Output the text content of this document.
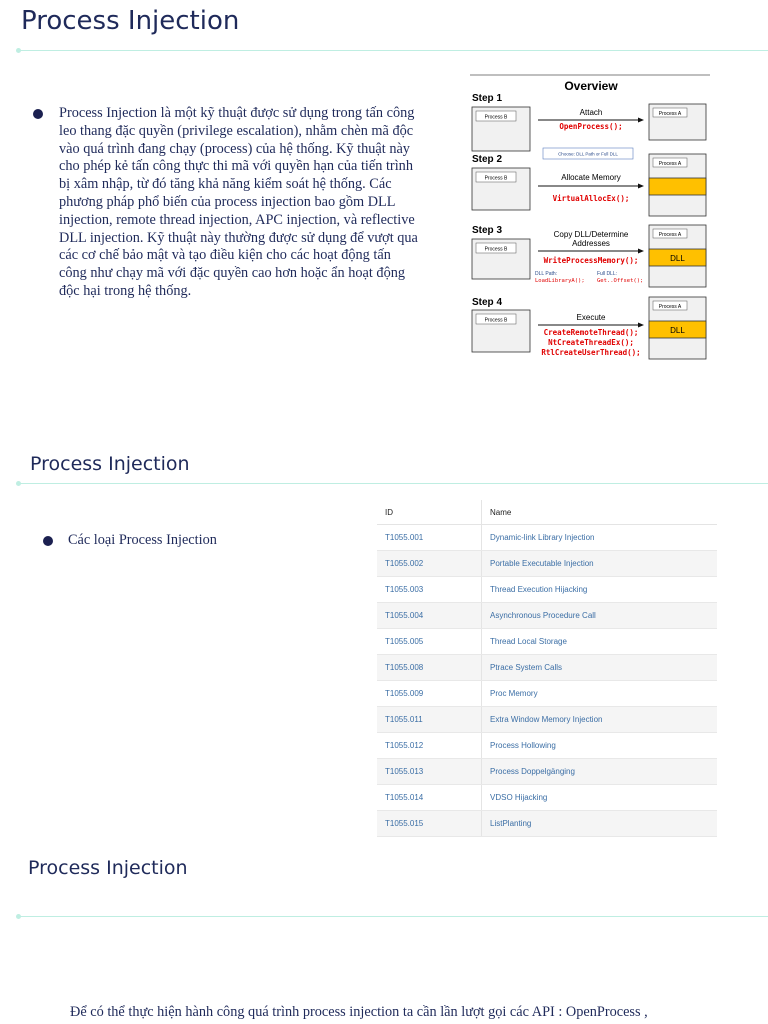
Process Injection
Process Injection là một kỹ thuật được sử dụng trong tấn công leo thang đặc quyền (privilege escalation), nhằm chèn mã độc vào quá trình đang chạy (process) của hệ thống. Kỹ thuật này cho phép kẻ tấn công thực thi mã với quyền hạn của tiến trình bị xâm nhập, từ đó tăng khả năng kiểm soát hệ thống. Các phương pháp phổ biến của process injection bao gồm DLL injection, remote thread injection, APC injection, và reflective DLL injection. Kỹ thuật này thường được sử dụng để vượt qua các cơ chế bảo mật và tạo điều kiện cho các hoạt động tấn công như chạy mã với đặc quyền cao hơn hoặc ẩn hoạt động độc hại trong hệ thống.
Overview
Step 1
Process B
Attach
OpenProcess();
Process A
Choose: DLL Path or Full DLL
Step 2
Process B	Allocate Memory
VirtualAllocEx();
Process A
Step 3
Process B
Copy DLL/Determine
Addresses
WriteProcessMemory();
DLL Path:
LoadLibraryA();
Full DLL:
Get..Offset();
Process A
DLL
Step 4
Process B	Execute
CreateRemoteThread();
NtCreateThreadEx();
RtlCreateUserThread();
Process A
DLL
Process Injection
Các loại Process Injection
ID	Name
T1055.001	Dynamic-link Library Injection
T1055.002	Portable Executable Injection
T1055.003	Thread Execution Hijacking
T1055.004	Asynchronous Procedure Call
T1055.005	Thread Local Storage
T1055.008	Ptrace System Calls
T1055.009	Proc Memory
T1055.011	Extra Window Memory Injection
T1055.012	Process Hollowing
T1055.013	Process Doppelgänging
T1055.014	VDSO Hijacking
T1055.015	ListPlanting
Process Injection
Để có thể thực hiện hành công quá trình process injection ta cần lần lượt gọi các API : OpenProcess ,
